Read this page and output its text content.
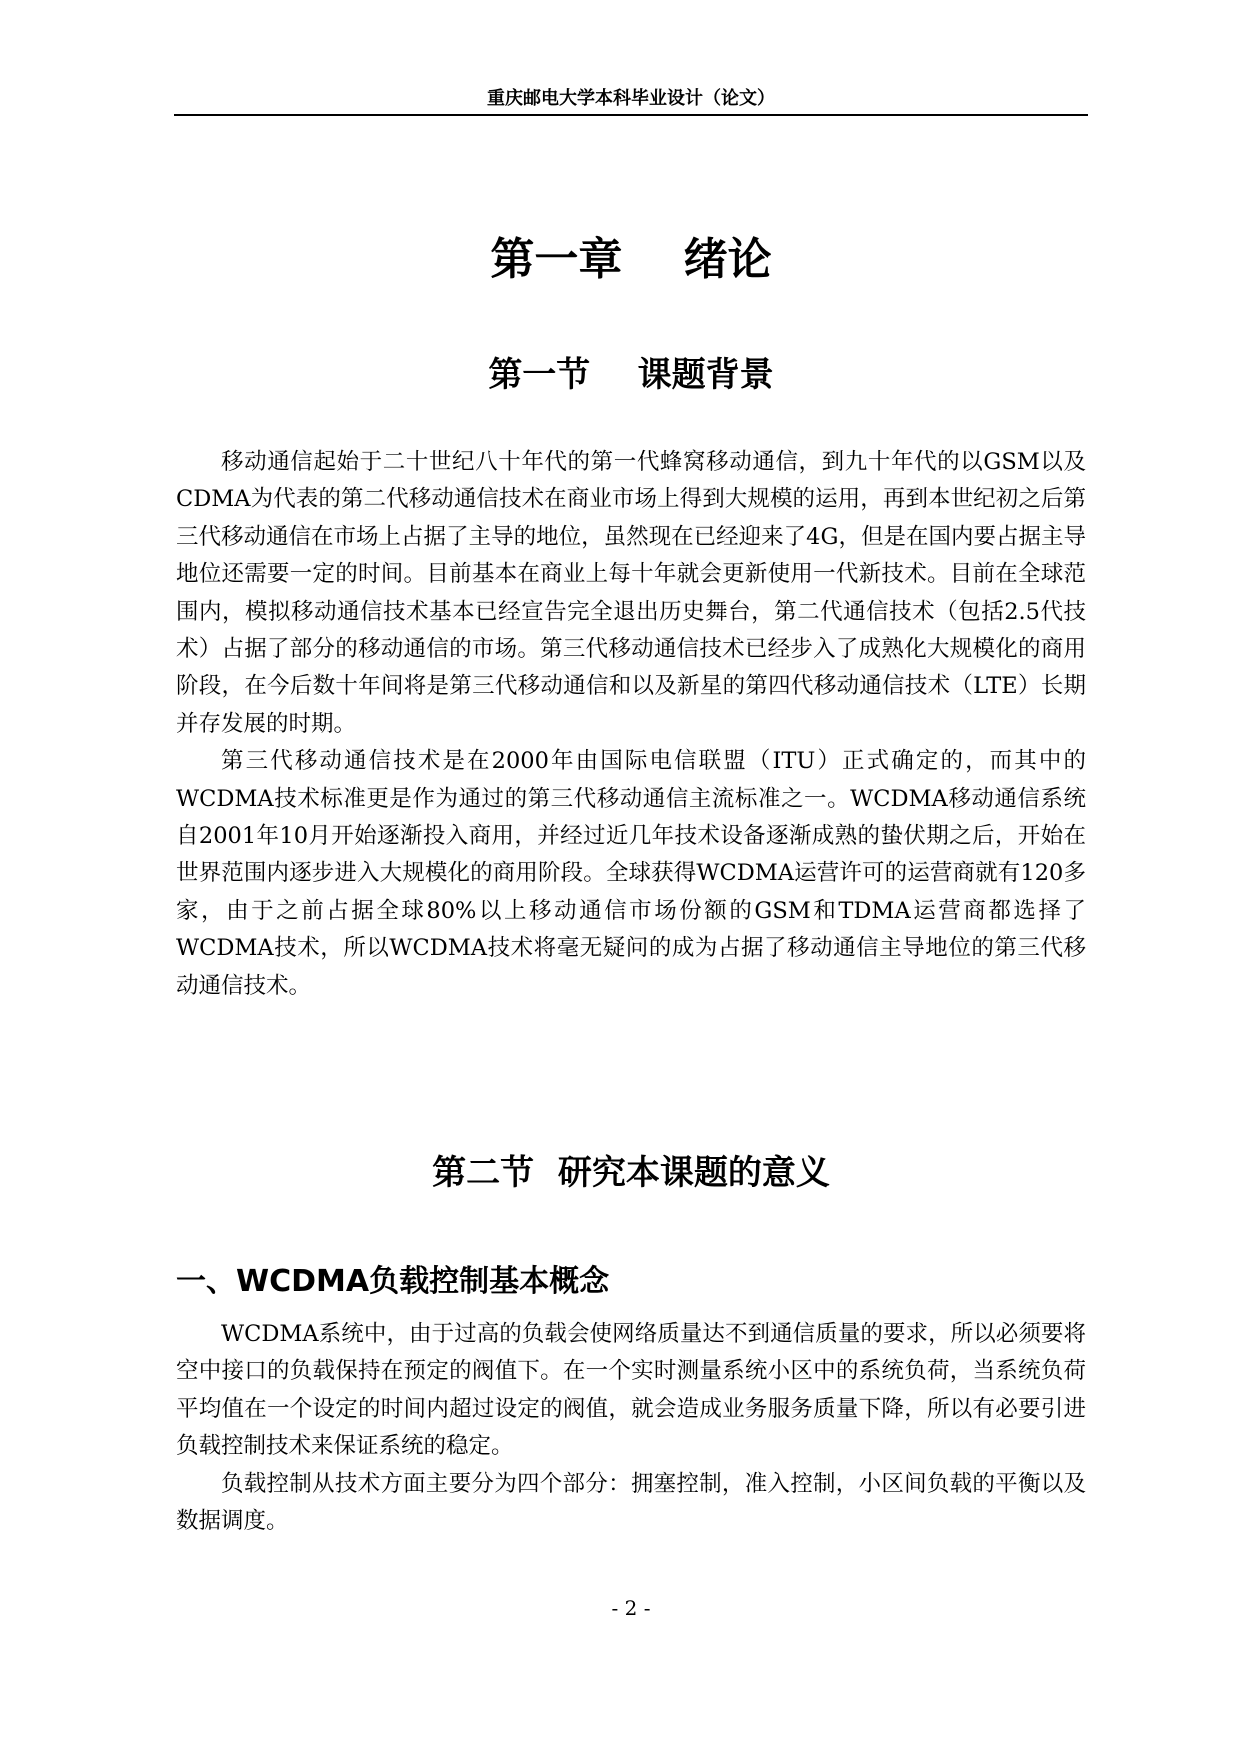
重庆邮电大学本科毕业设计（论文）
第一章    绪论
第一节    课题背景

移动通信起始于二十世纪八十年代的第一代蜂窝移动通信，到九十年代的以GSM以及CDMA为代表的第二代移动通信技术在商业市场上得到大规模的运用，再到本世纪初之后第三代移动通信在市场上占据了主导的地位，虽然现在已经迎来了4G，但是在国内要占据主导地位还需要一定的时间。目前基本在商业上每十年就会更新使用一代新技术。目前在全球范围内，模拟移动通信技术基本已经宣告完全退出历史舞台，第二代通信技术（包括2.5代技术）占据了部分的移动通信的市场。第三代移动通信技术已经步入了成熟化大规模化的商用阶段，在今后数十年间将是第三代移动通信和以及新星的第四代移动通信技术（LTE）长期并存发展的时期。

第三代移动通信技术是在2000年由国际电信联盟（ITU）正式确定的，而其中的WCDMA技术标准更是作为通过的第三代移动通信主流标准之一。WCDMA移动通信系统自2001年10月开始逐渐投入商用，并经过近几年技术设备逐渐成熟的蛰伏期之后，开始在世界范围内逐步进入大规模化的商用阶段。全球获得WCDMA运营许可的运营商就有120多家，由于之前占据全球80%以上移动通信市场份额的GSM和TDMA运营商都选择了WCDMA技术，所以WCDMA技术将毫无疑问的成为占据了移动通信主导地位的第三代移动通信技术。

第二节  研究本课题的意义
一、WCDMA负载控制基本概念

WCDMA系统中，由于过高的负载会使网络质量达不到通信质量的要求，所以必须要将空中接口的负载保持在预定的阀值下。在一个实时测量系统小区中的系统负荷，当系统负荷平均值在一个设定的时间内超过设定的阀值，就会造成业务服务质量下降，所以有必要引进负载控制技术来保证系统的稳定。

负载控制从技术方面主要分为四个部分：拥塞控制，准入控制，小区间负载的平衡以及数据调度。

- 2 -
